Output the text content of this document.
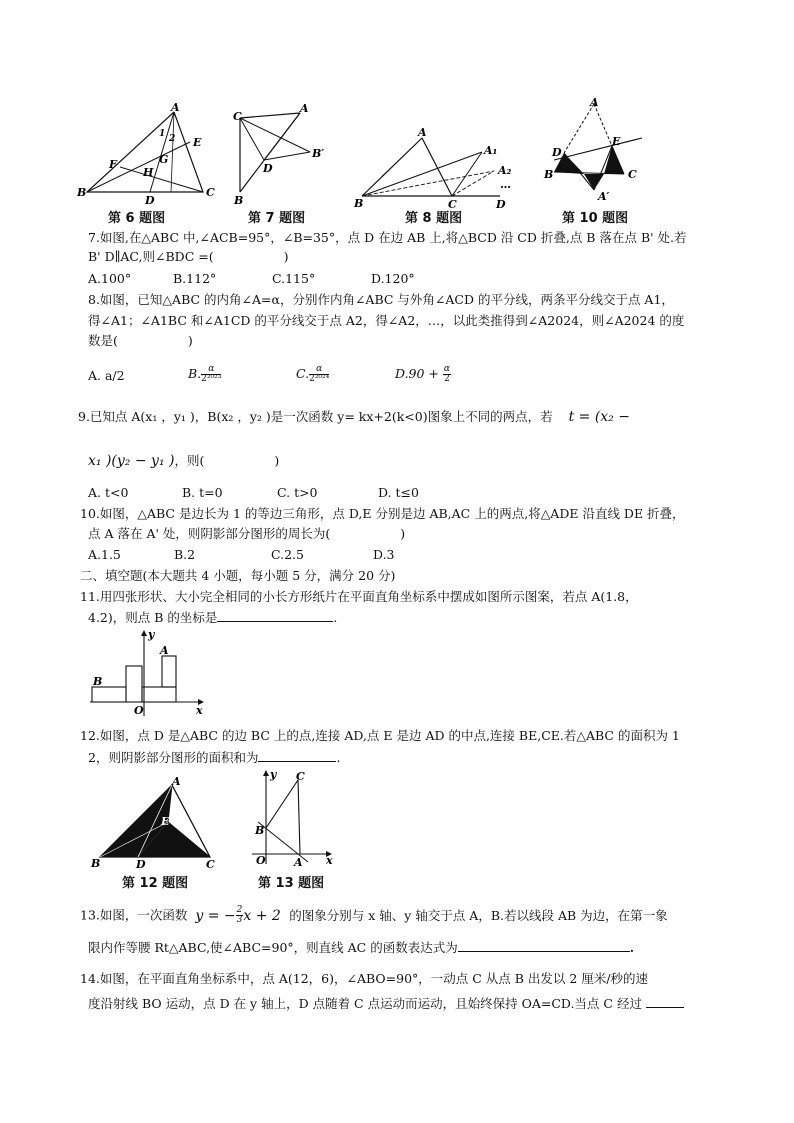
A
B	C
D
E
F	G
H
1 2
第 6 题图
A
C
B
D
B′
第 7 题图
A
B	C	D
A₁
A₂
…
第 8 题图
A
D
E
B	C
A′
第 10 题图
7.如图,在△ABC 中,∠ACB=95°，∠B=35°，点 D 在边 AB 上,将△BCD 沿 CD 折叠,点 B 落在点 B' 处.若
B' D∥AC,则∠BDC =(	)
A.100°	B.112°	C.115°	D.120°
8.如图，已知△ABC 的内角∠A=α，分别作内角∠ABC 与外角∠ACD 的平分线，两条平分线交于点 A1，
得∠A1；∠A1BC 和∠A1CD 的平分线交于点 A2，得∠A2，…，以此类推得到∠A2024，则∠A2024 的度
数是(	)
A. a/2	B. $\frac{\alpha}{\text{2²⁰²³}}$	C. $\frac{\alpha}{\text{2²⁰²⁴}}$	$D.90 + \frac{\alpha}{2}$
9.已知点 A(x₁ ，y₁ )，B(x₂ ，y₂ )是一次函数 y= kx+2(k<0)图象上不同的两点，若 t = (x₂ −
x₁ )(y₂ − y₁ )，则(	)
A. t<0	B. t=0	C. t>0	D. t≤0
10.如图，△ABC 是边长为 1 的等边三角形，点 D,E 分别是边 AB,AC 上的两点,将△ADE 沿直线 DE 折叠，
点 A 落在 A' 处，则阴影部分图形的周长为(	)
A.1.5	B.2	C.2.5	D.3
二、填空题(本大题共 4 小题，每小题 5 分，满分 20 分)
11.用四张形状、大小完全相同的小长方形纸片在平面直角坐标系中摆成如图所示图案，若点 A(1.8，
4.2)，则点 B 的坐标是	.
y
x
O
A
B
12.如图，点 D 是△ABC 的边 BC 上的点,连接 AD,点 E 是边 AD 的中点,连接 BE,CE.若△ABC 的面积为 1
2，则阴影部分图形的面积和为	.
A
E
B	D	C
第 12 题图
y C
B
O	A x
第 13 题图
13.如图，一次函数 y = − $\frac{2}{3}$ x + 2 的图象分别与 x 轴、y 轴交于点 A，B.若以线段 AB 为边，在第一象
限内作等腰 Rt△ABC,使∠ABC=90°，则直线 AC 的函数表达式为	.
14.如图，在平面直角坐标系中，点 A(12，6)，∠ABO=90°，一动点 C 从点 B 出发以 2 厘米/秒的速
度沿射线 BO 运动，点 D 在 y 轴上，D 点随着 C 点运动而运动，且始终保持 OA=CD.当点 C 经过
